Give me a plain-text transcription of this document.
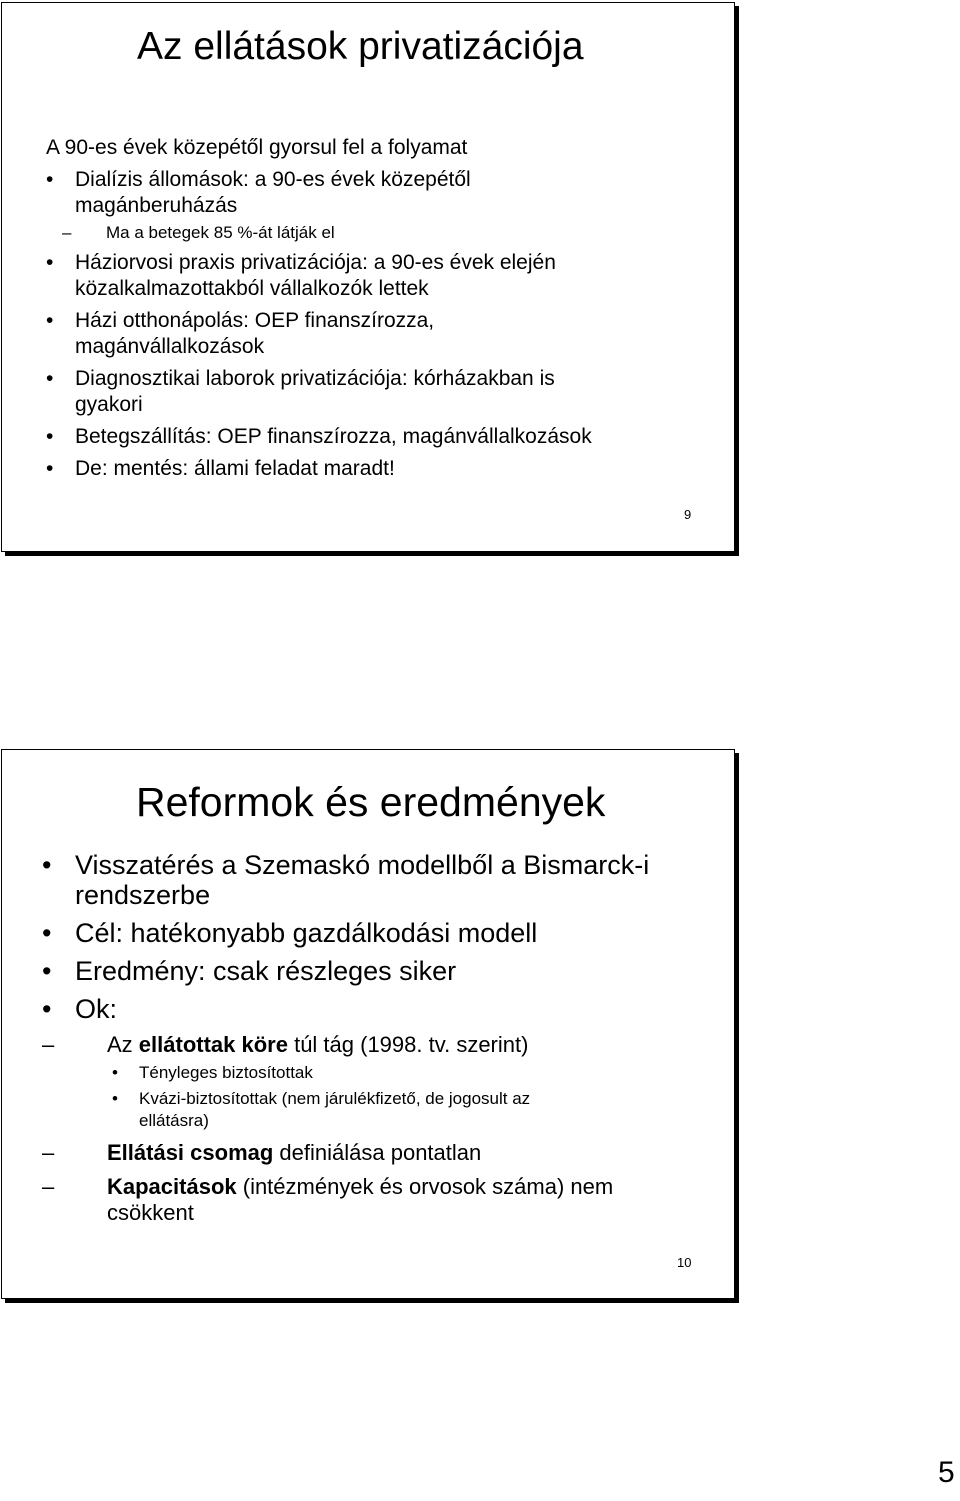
Az ellátások privatizációja
A 90-es évek közepétől gyorsul fel a folyamat
• Dialízis állomások: a 90-es évek közepétől
magánberuházás
– Ma a betegek 85 %-át látják el
• Háziorvosi praxis privatizációja: a 90-es évek elején
közalkalmazottakból vállalkozók lettek
• Házi otthonápolás: OEP finanszírozza,
magánvállalkozások
• Diagnosztikai laborok privatizációja: kórházakban is
gyakori
• Betegszállítás: OEP finanszírozza, magánvállalkozások
• De: mentés: állami feladat maradt!
9
Reformok és eredmények
• Visszatérés a Szemaskó modellből a Bismarck-i
rendszerbe
• Cél: hatékonyabb gazdálkodási modell
• Eredmény: csak részleges siker
• Ok:
– Az ellátottak köre túl tág (1998. tv. szerint)
• Tényleges biztosítottak
• Kvázi-biztosítottak (nem járulékfizető, de jogosult az
ellátásra)
– Ellátási csomag definiálása pontatlan
– Kapacitások (intézmények és orvosok száma) nem
csökkent
10
5
